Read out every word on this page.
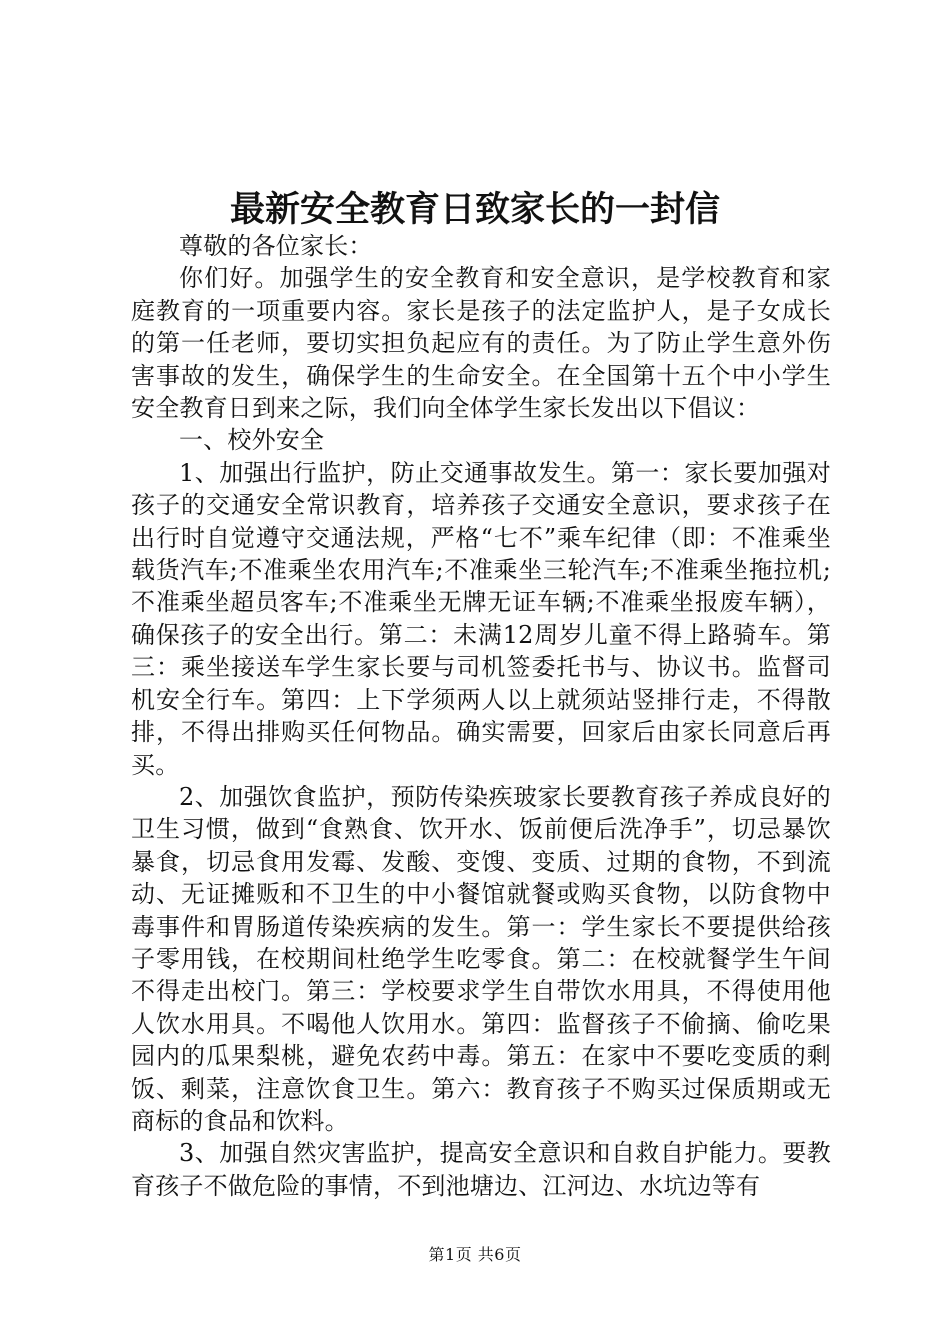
最新安全教育日致家长的一封信

尊敬的各位家长：

你们好。加强学生的安全教育和安全意识，是学校教育和家庭教育的一项重要内容。家长是孩子的法定监护人，是子女成长的第一任老师，要切实担负起应有的责任。为了防止学生意外伤害事故的发生，确保学生的生命安全。在全国第十五个中小学生安全教育日到来之际，我们向全体学生家长发出以下倡议：

一、校外安全

1、加强出行监护，防止交通事故发生。第一：家长要加强对孩子的交通安全常识教育，培养孩子交通安全意识，要求孩子在出行时自觉遵守交通法规，严格“七不”乘车纪律（即：不准乘坐载货汽车;不准乘坐农用汽车;不准乘坐三轮汽车;不准乘坐拖拉机;不准乘坐超员客车;不准乘坐无牌无证车辆;不准乘坐报废车辆），确保孩子的安全出行。第二：未满12周岁儿童不得上路骑车。第三：乘坐接送车学生家长要与司机签委托书与、协议书。监督司机安全行车。第四：上下学须两人以上就须站竖排行走，不得散排，不得出排购买任何物品。确实需要，回家后由家长同意后再买。

2、加强饮食监护，预防传染疾玻家长要教育孩子养成良好的卫生习惯，做到“食熟食、饮开水、饭前便后洗净手”，切忌暴饮暴食，切忌食用发霉、发酸、变馊、变质、过期的食物，不到流动、无证摊贩和不卫生的中小餐馆就餐或购买食物，以防食物中毒事件和胃肠道传染疾病的发生。第一：学生家长不要提供给孩子零用钱，在校期间杜绝学生吃零食。第二：在校就餐学生午间不得走出校门。第三：学校要求学生自带饮水用具，不得使用他人饮水用具。不喝他人饮用水。第四：监督孩子不偷摘、偷吃果园内的瓜果梨桃，避免农药中毒。第五：在家中不要吃变质的剩饭、剩菜，注意饮食卫生。第六：教育孩子不购买过保质期或无商标的食品和饮料。

3、加强自然灾害监护，提高安全意识和自救自护能力。要教育孩子不做危险的事情，不到池塘边、江河边、水坑边等有

第1页 共6页
